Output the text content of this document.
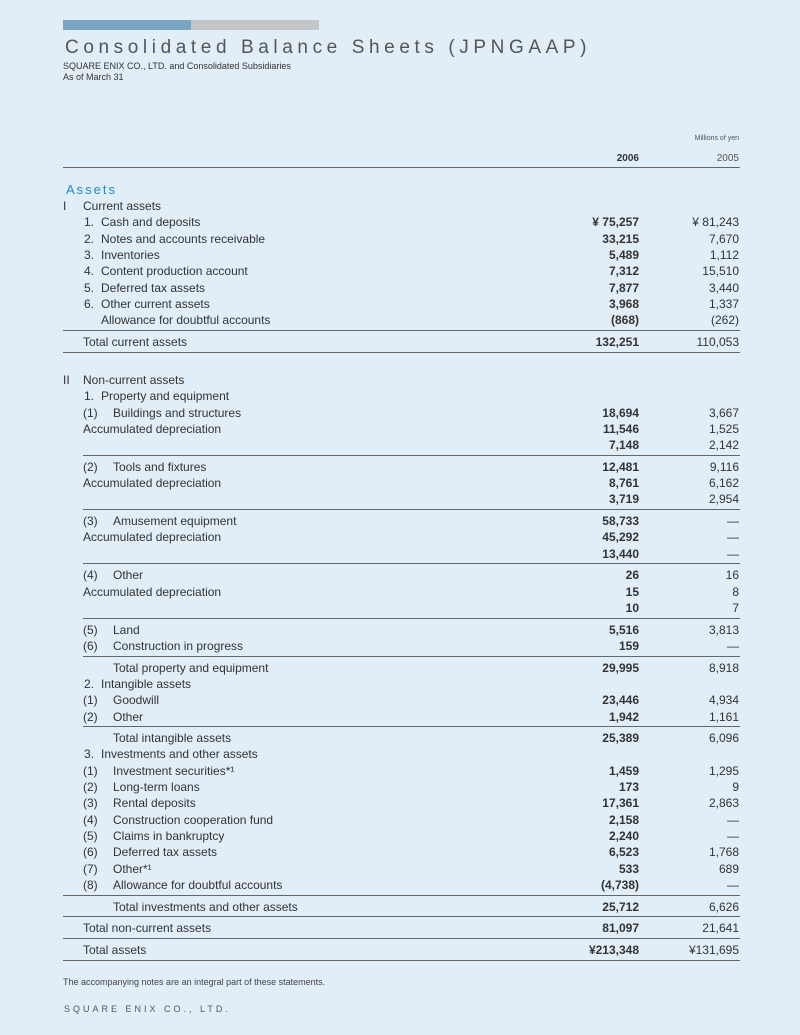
Consolidated Balance Sheets (JPNGAAP)
SQUARE ENIX CO., LTD. and Consolidated Subsidiaries
As of March 31
Millions of yen
2006	2005
Assets
I Current assets
1. Cash and deposits	¥ 75,257	¥ 81,243
2. Notes and accounts receivable	33,215	7,670
3. Inventories	5,489	1,112
4. Content production account	7,312	15,510
5. Deferred tax assets	7,877	3,440
6. Other current assets	3,968	1,337
Allowance for doubtful accounts	(868)	(262)
Total current assets	132,251	110,053
II Non-current assets
1. Property and equipment
(1) Buildings and structures	18,694	3,667
Accumulated depreciation	11,546	1,525
7,148	2,142
(2) Tools and fixtures	12,481	9,116
Accumulated depreciation	8,761	6,162
3,719	2,954
(3) Amusement equipment	58,733	—
Accumulated depreciation	45,292	—
13,440	—
(4) Other	26	16
Accumulated depreciation	15	8
10	7
(5) Land	5,516	3,813
(6) Construction in progress	159	—
Total property and equipment	29,995	8,918
2. Intangible assets
(1) Goodwill	23,446	4,934
(2) Other	1,942	1,161
Total intangible assets	25,389	6,096
3. Investments and other assets
(1) Investment securities*¹	1,459	1,295
(2) Long-term loans	173	9
(3) Rental deposits	17,361	2,863
(4) Construction cooperation fund	2,158	—
(5) Claims in bankruptcy	2,240	—
(6) Deferred tax assets	6,523	1,768
(7) Other*¹	533	689
(8) Allowance for doubtful accounts	(4,738)	—
Total investments and other assets	25,712	6,626
Total non-current assets	81,097	21,641
Total assets	¥213,348	¥131,695
The accompanying notes are an integral part of these statements.
SQUARE ENIX CO., LTD.
